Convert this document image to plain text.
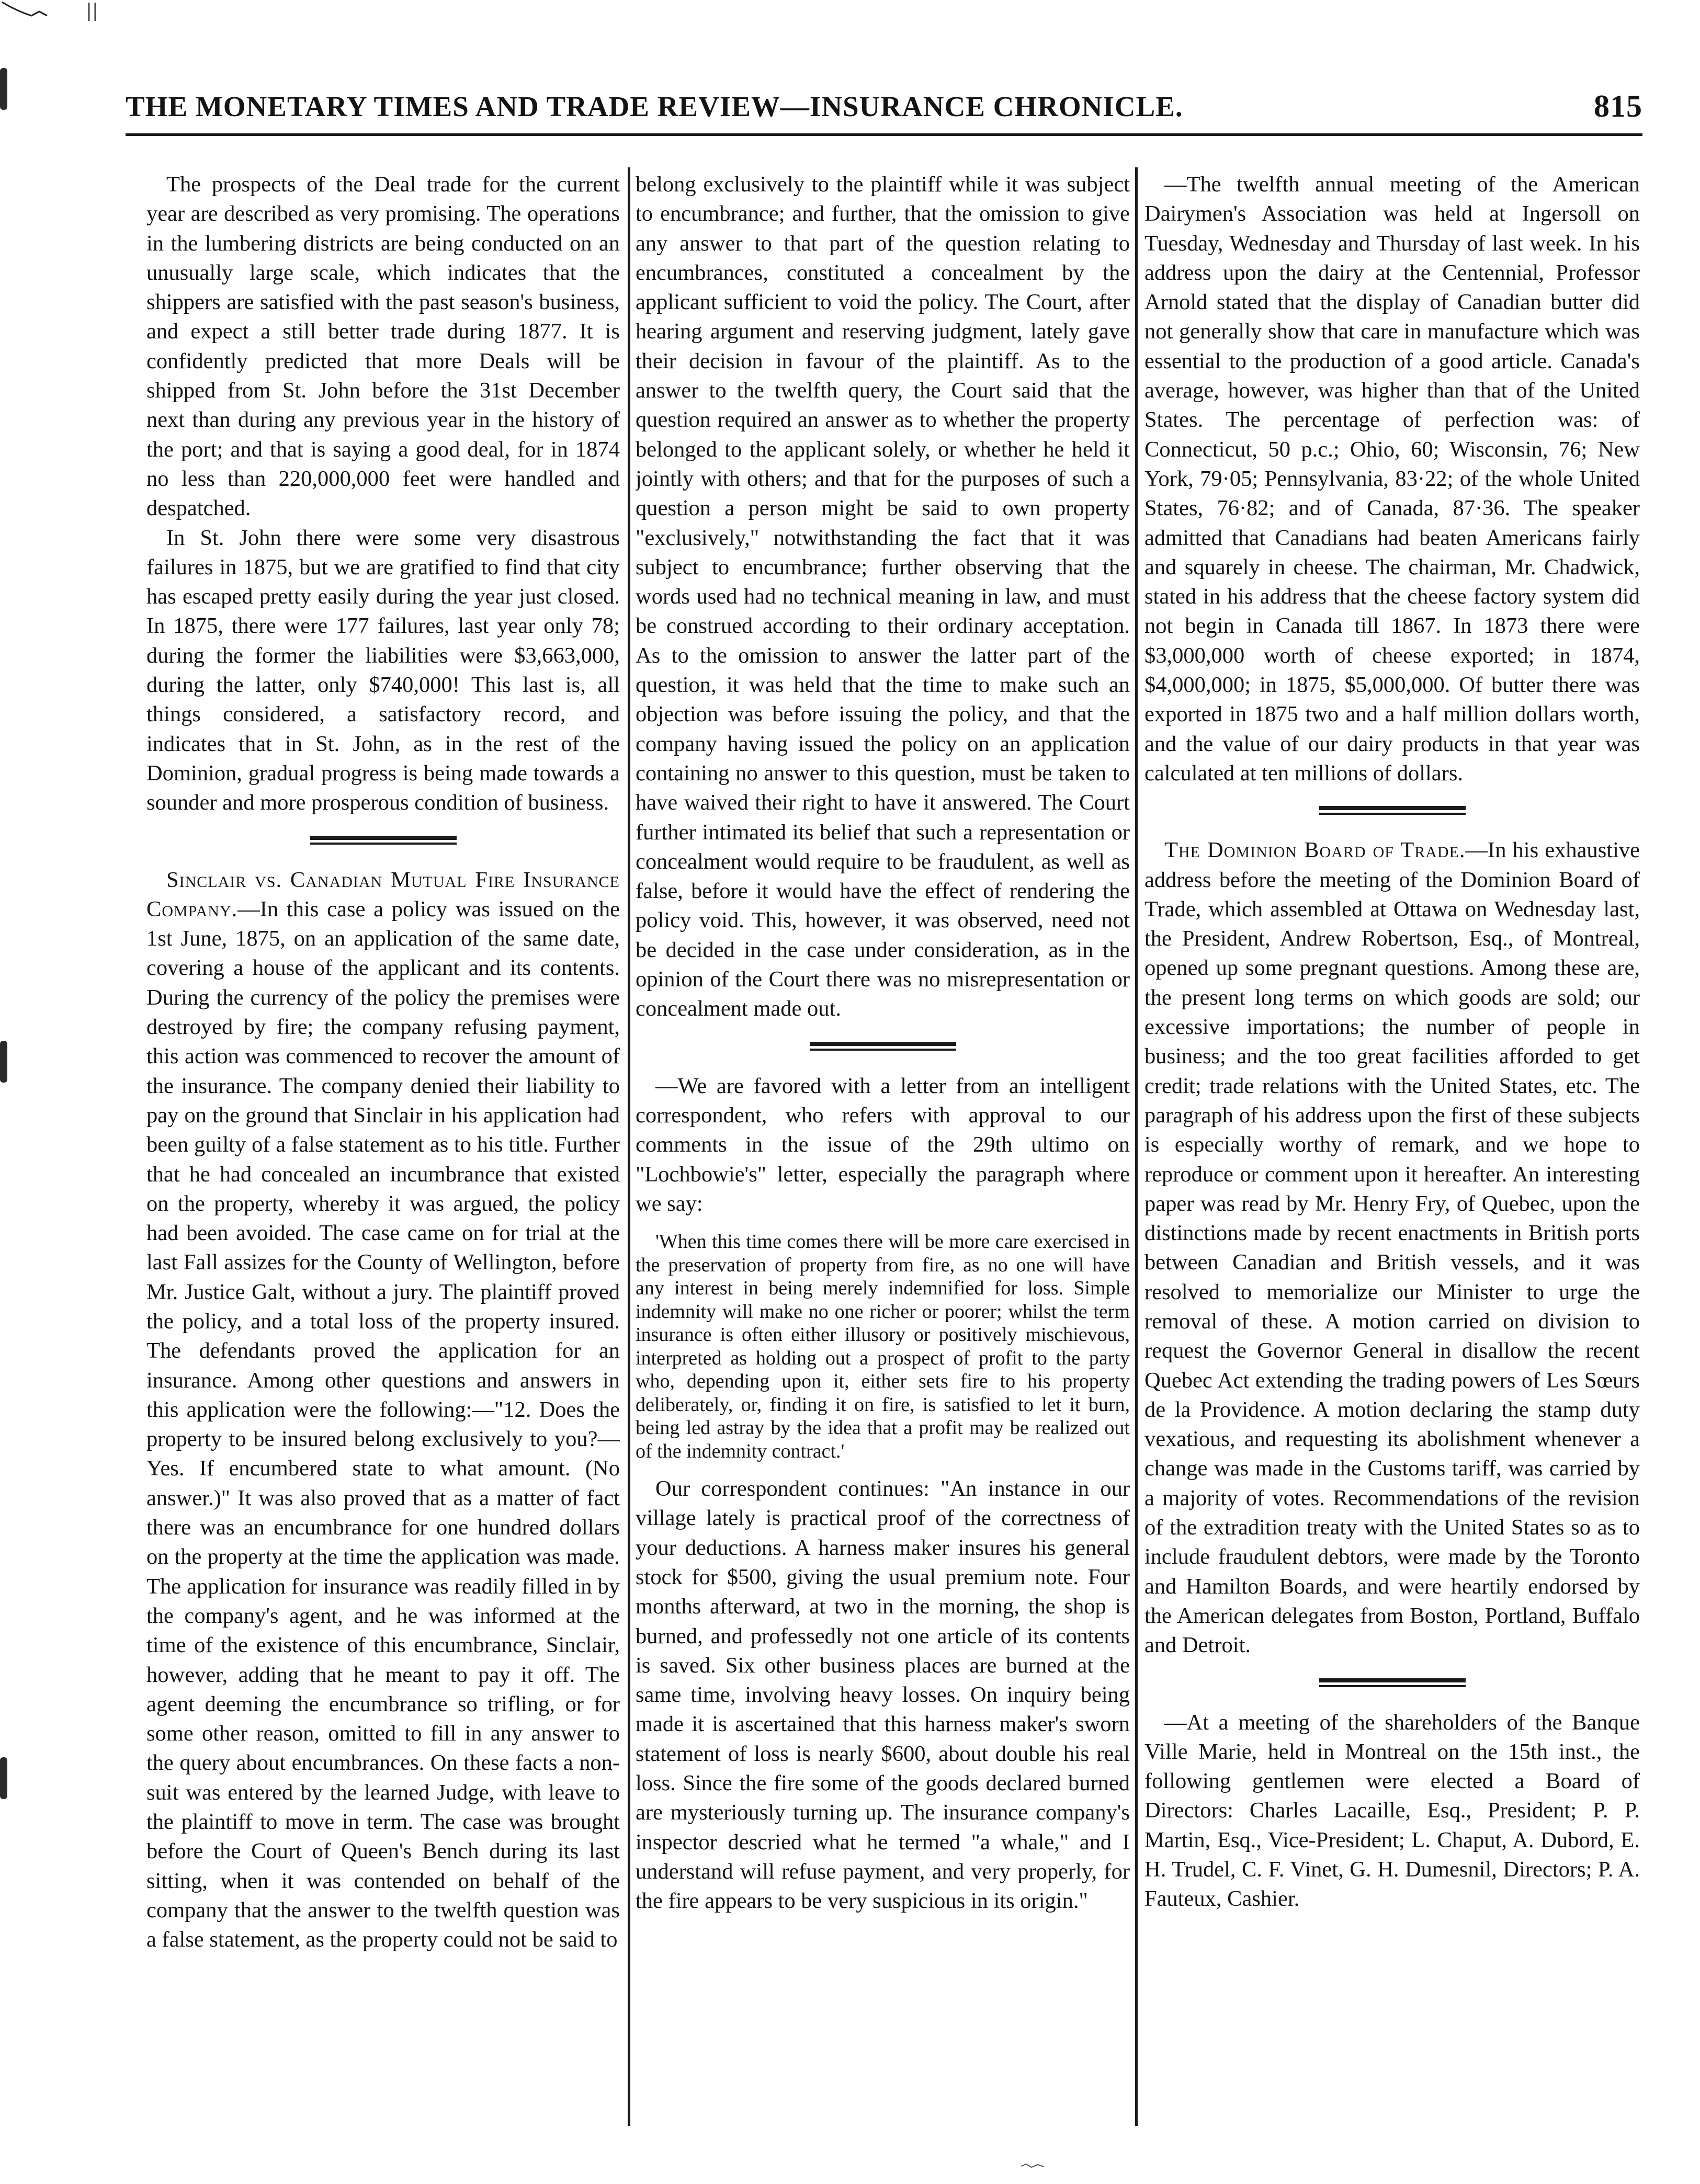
THE MONETARY TIMES AND TRADE REVIEW—INSURANCE CHRONICLE.	815

The prospects of the Deal trade for the current year are described as very promising. The operations in the lumbering districts are being conducted on an unusually large scale, which indicates that the shippers are satisfied with the past season's business, and expect a still better trade during 1877. It is confidently predicted that more Deals will be shipped from St. John before the 31st December next than during any previous year in the history of the port; and that is saying a good deal, for in 1874 no less than 220,000,000 feet were handled and despatched.

In St. John there were some very disastrous failures in 1875, but we are gratified to find that city has escaped pretty easily during the year just closed. In 1875, there were 177 failures, last year only 78; during the former the liabilities were $3,663,000, during the latter, only $740,000! This last is, all things considered, a satisfactory record, and indicates that in St. John, as in the rest of the Dominion, gradual progress is being made towards a sounder and more prosperous condition of business.

Sinclair vs. Canadian Mutual Fire Insurance Company.—In this case a policy was issued on the 1st June, 1875, on an application of the same date, covering a house of the applicant and its contents. During the currency of the policy the premises were destroyed by fire; the company refusing payment, this action was commenced to recover the amount of the insurance. The company denied their liability to pay on the ground that Sinclair in his application had been guilty of a false statement as to his title. Further that he had concealed an incumbrance that existed on the property, whereby it was argued, the policy had been avoided. The case came on for trial at the last Fall assizes for the County of Wellington, before Mr. Justice Galt, without a jury. The plaintiff proved the policy, and a total loss of the property insured. The defendants proved the application for an insurance. Among other questions and answers in this application were the following:—"12. Does the property to be insured belong exclusively to you?—Yes. If encumbered state to what amount. (No answer.)" It was also proved that as a matter of fact there was an encumbrance for one hundred dollars on the property at the time the application was made. The application for insurance was readily filled in by the company's agent, and he was informed at the time of the existence of this encumbrance, Sinclair, however, adding that he meant to pay it off. The agent deeming the encumbrance so trifling, or for some other reason, omitted to fill in any answer to the query about encumbrances. On these facts a non-suit was entered by the learned Judge, with leave to the plaintiff to move in term. The case was brought before the Court of Queen's Bench during its last sitting, when it was contended on behalf of the company that the answer to the twelfth question was a false statement, as the property could not be said to

belong exclusively to the plaintiff while it was subject to encumbrance; and further, that the omission to give any answer to that part of the question relating to encumbrances, constituted a concealment by the applicant sufficient to void the policy. The Court, after hearing argument and reserving judgment, lately gave their decision in favour of the plaintiff. As to the answer to the twelfth query, the Court said that the question required an answer as to whether the property belonged to the applicant solely, or whether he held it jointly with others; and that for the purposes of such a question a person might be said to own property "exclusively," notwithstanding the fact that it was subject to encumbrance; further observing that the words used had no technical meaning in law, and must be construed according to their ordinary acceptation. As to the omission to answer the latter part of the question, it was held that the time to make such an objection was before issuing the policy, and that the company having issued the policy on an application containing no answer to this question, must be taken to have waived their right to have it answered. The Court further intimated its belief that such a representation or concealment would require to be fraudulent, as well as false, before it would have the effect of rendering the policy void. This, however, it was observed, need not be decided in the case under consideration, as in the opinion of the Court there was no misrepresentation or concealment made out.

—We are favored with a letter from an intelligent correspondent, who refers with approval to our comments in the issue of the 29th ultimo on "Lochbowie's" letter, especially the paragraph where we say:

'When this time comes there will be more care exercised in the preservation of property from fire, as no one will have any interest in being merely indemnified for loss. Simple indemnity will make no one richer or poorer; whilst the term insurance is often either illusory or positively mischievous, interpreted as holding out a prospect of profit to the party who, depending upon it, either sets fire to his property deliberately, or, finding it on fire, is satisfied to let it burn, being led astray by the idea that a profit may be realized out of the indemnity contract.'

Our correspondent continues: "An instance in our village lately is practical proof of the correctness of your deductions. A harness maker insures his general stock for $500, giving the usual premium note. Four months afterward, at two in the morning, the shop is burned, and professedly not one article of its contents is saved. Six other business places are burned at the same time, involving heavy losses. On inquiry being made it is ascertained that this harness maker's sworn statement of loss is nearly $600, about double his real loss. Since the fire some of the goods declared burned are mysteriously turning up. The insurance company's inspector descried what he termed "a whale," and I understand will refuse payment, and very properly, for the fire appears to be very suspicious in its origin."

—The twelfth annual meeting of the American Dairymen's Association was held at Ingersoll on Tuesday, Wednesday and Thursday of last week. In his address upon the dairy at the Centennial, Professor Arnold stated that the display of Canadian butter did not generally show that care in manufacture which was essential to the production of a good article. Canada's average, however, was higher than that of the United States. The percentage of perfection was: of Connecticut, 50 p.c.; Ohio, 60; Wisconsin, 76; New York, 79·05; Pennsylvania, 83·22; of the whole United States, 76·82; and of Canada, 87·36. The speaker admitted that Canadians had beaten Americans fairly and squarely in cheese. The chairman, Mr. Chadwick, stated in his address that the cheese factory system did not begin in Canada till 1867. In 1873 there were $3,000,000 worth of cheese exported; in 1874, $4,000,000; in 1875, $5,000,000. Of butter there was exported in 1875 two and a half million dollars worth, and the value of our dairy products in that year was calculated at ten millions of dollars.

The Dominion Board of Trade.—In his exhaustive address before the meeting of the Dominion Board of Trade, which assembled at Ottawa on Wednesday last, the President, Andrew Robertson, Esq., of Montreal, opened up some pregnant questions. Among these are, the present long terms on which goods are sold; our excessive importations; the number of people in business; and the too great facilities afforded to get credit; trade relations with the United States, etc. The paragraph of his address upon the first of these subjects is especially worthy of remark, and we hope to reproduce or comment upon it hereafter. An interesting paper was read by Mr. Henry Fry, of Quebec, upon the distinctions made by recent enactments in British ports between Canadian and British vessels, and it was resolved to memorialize our Minister to urge the removal of these. A motion carried on division to request the Governor General in disallow the recent Quebec Act extending the trading powers of Les Sœurs de la Providence. A motion declaring the stamp duty vexatious, and requesting its abolishment whenever a change was made in the Customs tariff, was carried by a majority of votes. Recommendations of the revision of the extradition treaty with the United States so as to include fraudulent debtors, were made by the Toronto and Hamilton Boards, and were heartily endorsed by the American delegates from Boston, Portland, Buffalo and Detroit.

—At a meeting of the shareholders of the Banque Ville Marie, held in Montreal on the 15th inst., the following gentlemen were elected a Board of Directors: Charles Lacaille, Esq., President; P. P. Martin, Esq., Vice-President; L. Chaput, A. Dubord, E. H. Trudel, C. F. Vinet, G. H. Dumesnil, Directors; P. A. Fauteux, Cashier.
